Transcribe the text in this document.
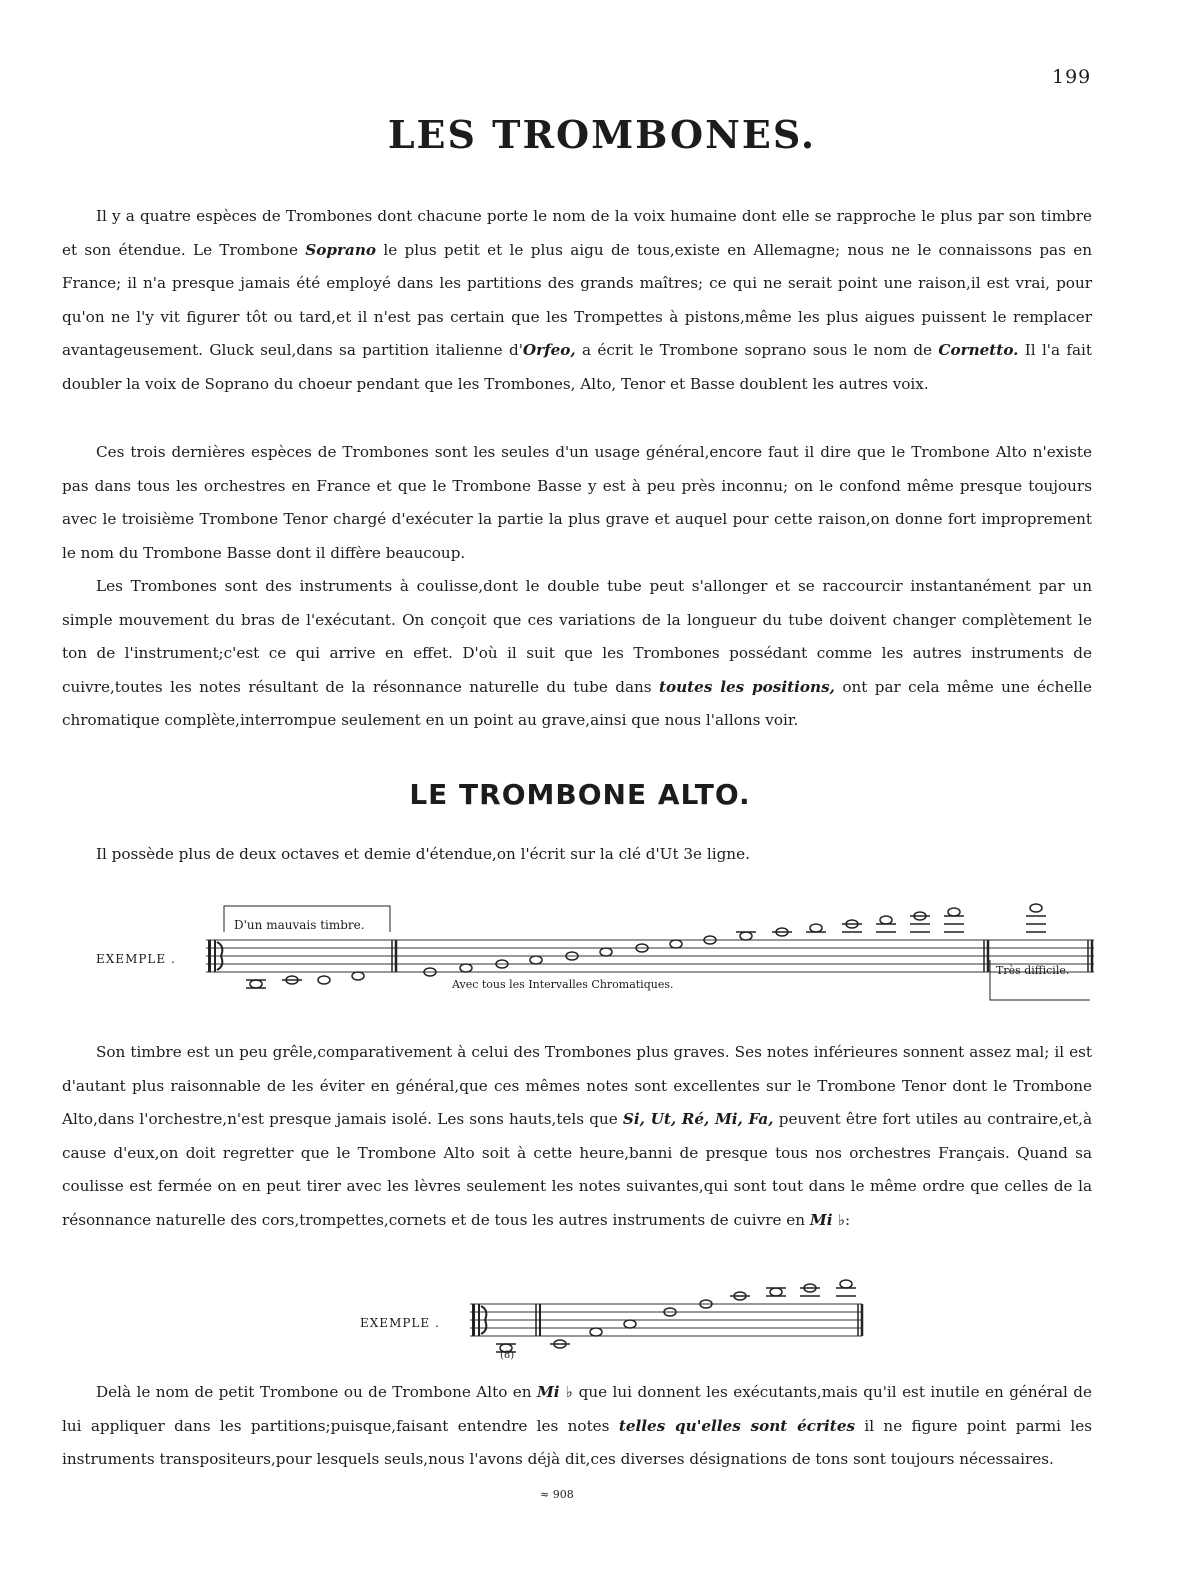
199
LES TROMBONES.
Il y a quatre espèces de Trombones dont chacune porte le nom de la voix humaine dont elle se rapproche le plus par son timbre et son étendue. Le Trombone Soprano le plus petit et le plus aigu de tous,existe en Allemagne; nous ne le connaissons pas en France; il n'a presque jamais été employé dans les partitions des grands maîtres; ce qui ne serait point une raison,il est vrai, pour qu'on ne l'y vit figurer tôt ou tard,et il n'est pas certain que les Trompettes à pistons,même les plus aigues puissent le remplacer avantageusement. Gluck seul,dans sa partition italienne d'Orfeo, a écrit le Trombone soprano sous le nom de Cornetto. Il l'a fait doubler la voix de Soprano du choeur pendant que les Trombones, Alto, Tenor et Basse doublent les autres voix.
Ces trois dernières espèces de Trombones sont les seules d'un usage général,encore faut il dire que le Trombone Alto n'existe pas dans tous les orchestres en France et que le Trombone Basse y est à peu près inconnu; on le confond même presque toujours avec le troisième Trombone Tenor chargé d'exécuter la partie la plus grave et auquel pour cette raison,on donne fort improprement le nom du Trombone Basse dont il diffère beaucoup.
Les Trombones sont des instruments à coulisse,dont le double tube peut s'allonger et se raccourcir instantanément par un simple mouvement du bras de l'exécutant. On conçoit que ces variations de la longueur du tube doivent changer complètement le ton de l'instrument;c'est ce qui arrive en effet. D'où il suit que les Trombones possédant comme les autres instruments de cuivre,toutes les notes résultant de la résonnance naturelle du tube dans toutes les positions, ont par cela même une échelle chromatique complète,interrompue seulement en un point au grave,ainsi que nous l'allons voir.
LE TROMBONE ALTO.
Il possède plus de deux octaves et demie d'étendue,on l'écrit sur la clé d'Ut 3e ligne.
EXEMPLE .
D'un mauvais timbre.
Avec tous les Intervalles Chromatiques.
Très difficile.
Son timbre est un peu grêle,comparativement à celui des Trombones plus graves. Ses notes inférieures sonnent assez mal; il est d'autant plus raisonnable de les éviter en général,que ces mêmes notes sont excellentes sur le Trombone Tenor dont le Trombone Alto,dans l'orchestre,n'est presque jamais isolé. Les sons hauts,tels que Si, Ut, Ré, Mi, Fa, peuvent être fort utiles au contraire,et,à cause d'eux,on doit regretter que le Trombone Alto soit à cette heure,banni de presque tous nos orchestres Français. Quand sa coulisse est fermée on en peut tirer avec les lèvres seulement les notes suivantes,qui sont tout dans le même ordre que celles de la résonnance naturelle des cors,trompettes,cornets et de tous les autres instruments de cuivre en Mi ♭:
EXEMPLE .
(8)
Delà le nom de petit Trombone ou de Trombone Alto en Mi ♭ que lui donnent les exécutants,mais qu'il est inutile en général de lui appliquer dans les partitions;puisque,faisant entendre les notes telles qu'elles sont écrites il ne figure point parmi les instruments transpositeurs,pour lesquels seuls,nous l'avons déjà dit,ces diverses désignations de tons sont toujours nécessaires.
≈ 908
